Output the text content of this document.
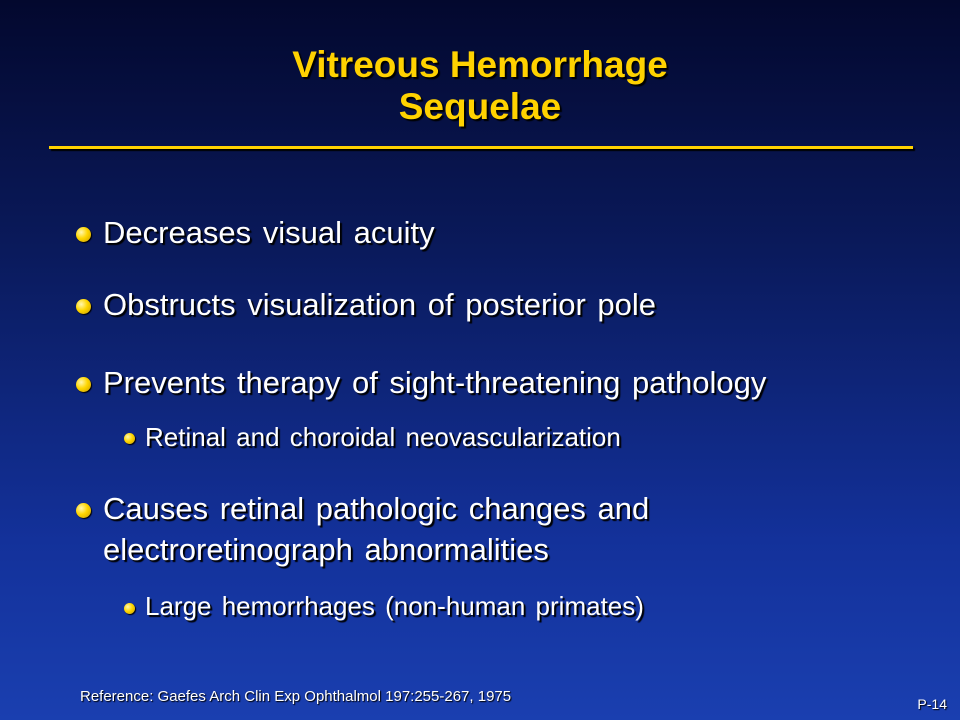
Vitreous Hemorrhage
Sequelae
Decreases visual acuity
Obstructs visualization of posterior pole
Prevents therapy of sight-threatening pathology
Retinal and choroidal neovascularization
Causes retinal pathologic changes and
electroretinograph abnormalities
Large hemorrhages (non-human primates)
Reference: Gaefes Arch Clin Exp Ophthalmol 197:255-267, 1975	P-14
